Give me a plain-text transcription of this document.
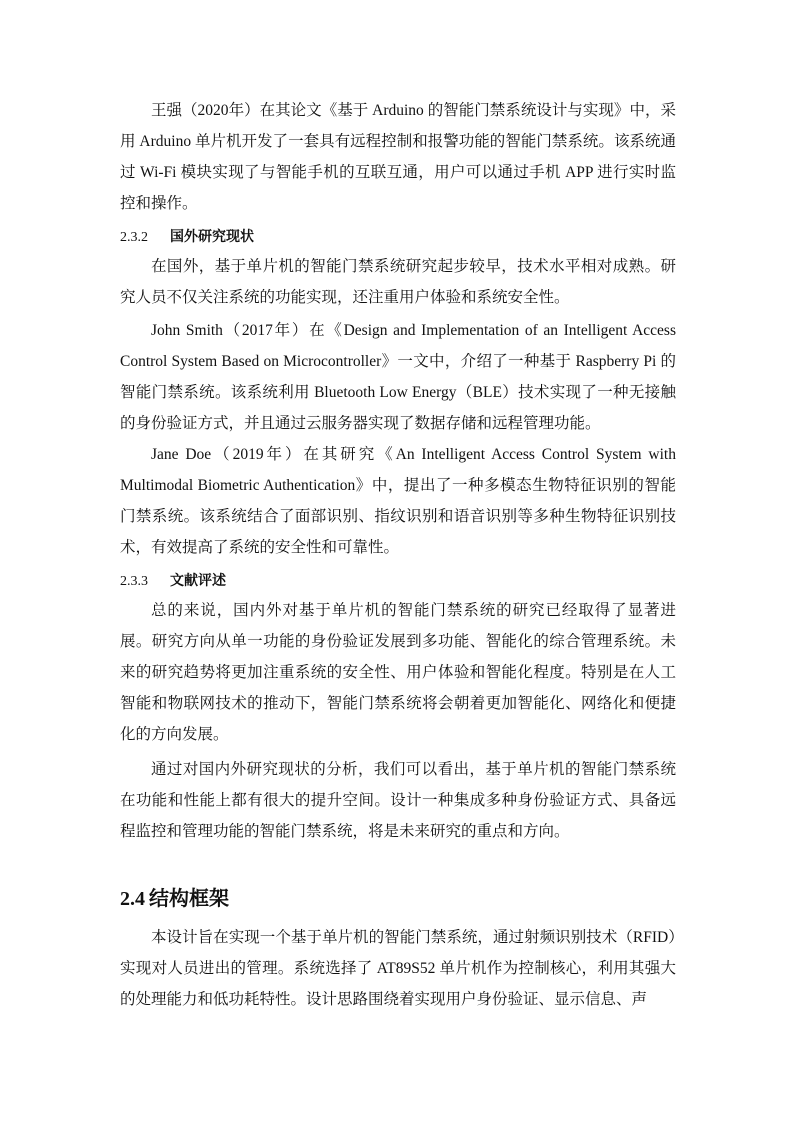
王强（2020年）在其论文《基于 Arduino 的智能门禁系统设计与实现》中，采用 Arduino 单片机开发了一套具有远程控制和报警功能的智能门禁系统。该系统通过 Wi-Fi 模块实现了与智能手机的互联互通，用户可以通过手机 APP 进行实时监控和操作。

2.3.2 国外研究现状

在国外，基于单片机的智能门禁系统研究起步较早，技术水平相对成熟。研究人员不仅关注系统的功能实现，还注重用户体验和系统安全性。

John Smith（2017年）在《Design and Implementation of an Intelligent Access Control System Based on Microcontroller》一文中，介绍了一种基于 Raspberry Pi 的智能门禁系统。该系统利用 Bluetooth Low Energy（BLE）技术实现了一种无接触的身份验证方式，并且通过云服务器实现了数据存储和远程管理功能。

Jane Doe（2019年）在其研究《An Intelligent Access Control System with Multimodal Biometric Authentication》中，提出了一种多模态生物特征识别的智能门禁系统。该系统结合了面部识别、指纹识别和语音识别等多种生物特征识别技术，有效提高了系统的安全性和可靠性。

2.3.3 文献评述

总的来说，国内外对基于单片机的智能门禁系统的研究已经取得了显著进展。研究方向从单一功能的身份验证发展到多功能、智能化的综合管理系统。未来的研究趋势将更加注重系统的安全性、用户体验和智能化程度。特别是在人工智能和物联网技术的推动下，智能门禁系统将会朝着更加智能化、网络化和便捷化的方向发展。

通过对国内外研究现状的分析，我们可以看出，基于单片机的智能门禁系统在功能和性能上都有很大的提升空间。设计一种集成多种身份验证方式、具备远程监控和管理功能的智能门禁系统，将是未来研究的重点和方向。

2.4 结构框架

本设计旨在实现一个基于单片机的智能门禁系统，通过射频识别技术（RFID）实现对人员进出的管理。系统选择了 AT89S52 单片机作为控制核心，利用其强大的处理能力和低功耗特性。设计思路围绕着实现用户身份验证、显示信息、声
